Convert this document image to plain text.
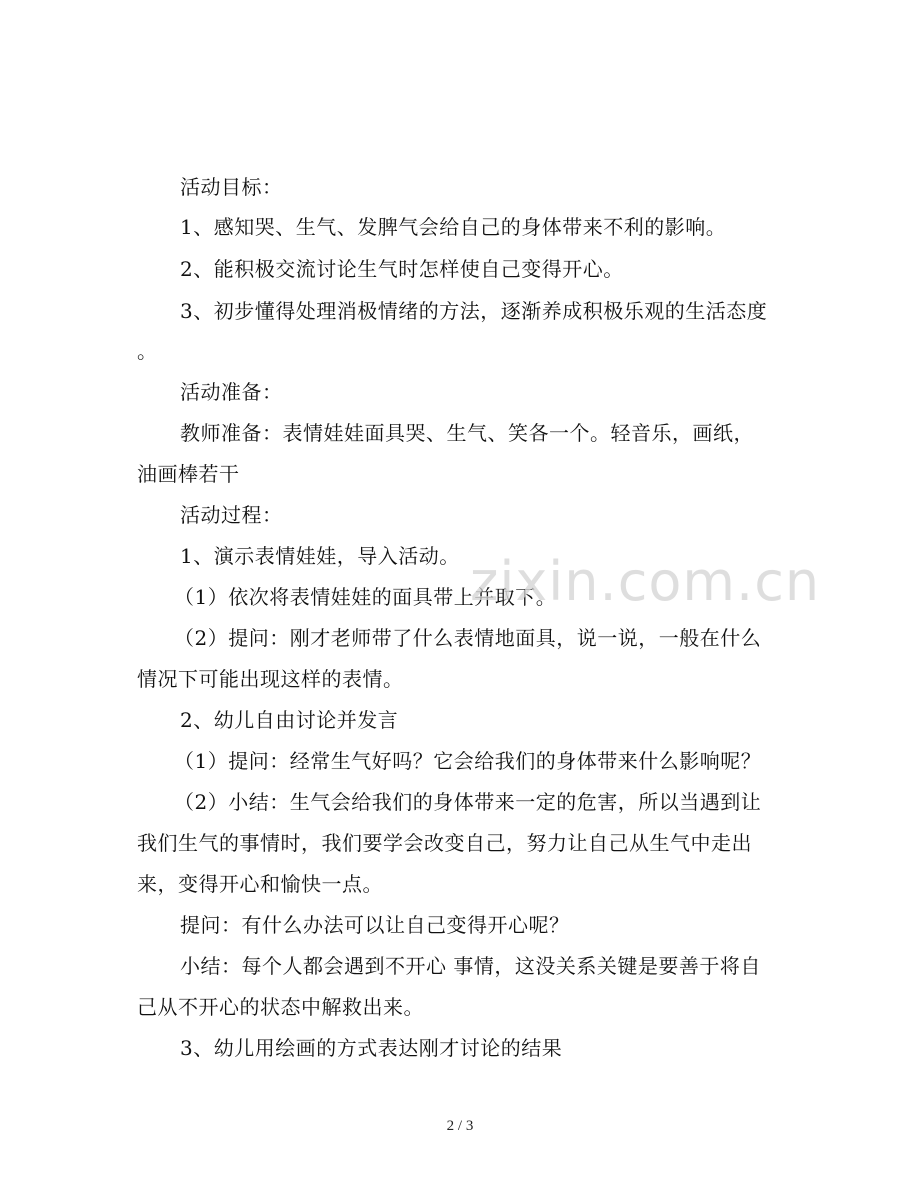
活动目标：
1、感知哭、生气、发脾气会给自己的身体带来不利的影响。
2、能积极交流讨论生气时怎样使自己变得开心。
3、初步懂得处理消极情绪的方法，逐渐养成积极乐观的生活态度
。
活动准备：
教师准备：表情娃娃面具哭、生气、笑各一个。轻音乐，画纸，
油画棒若干
活动过程：
1、演示表情娃娃，导入活动。
（1）依次将表情娃娃的面具带上并取下。
（2）提问：刚才老师带了什么表情地面具，说一说，一般在什么
情况下可能出现这样的表情。
2、幼儿自由讨论并发言
（1）提问：经常生气好吗？它会给我们的身体带来什么影响呢？
（2）小结：生气会给我们的身体带来一定的危害，所以当遇到让
我们生气的事情时，我们要学会改变自己，努力让自己从生气中走出
来，变得开心和愉快一点。
提问：有什么办法可以让自己变得开心呢？
小结：每个人都会遇到不开心 事情，这没关系关键是要善于将自
己从不开心的状态中解救出来。
3、幼儿用绘画的方式表达刚才讨论的结果
zixin.com.cn
2 / 3
